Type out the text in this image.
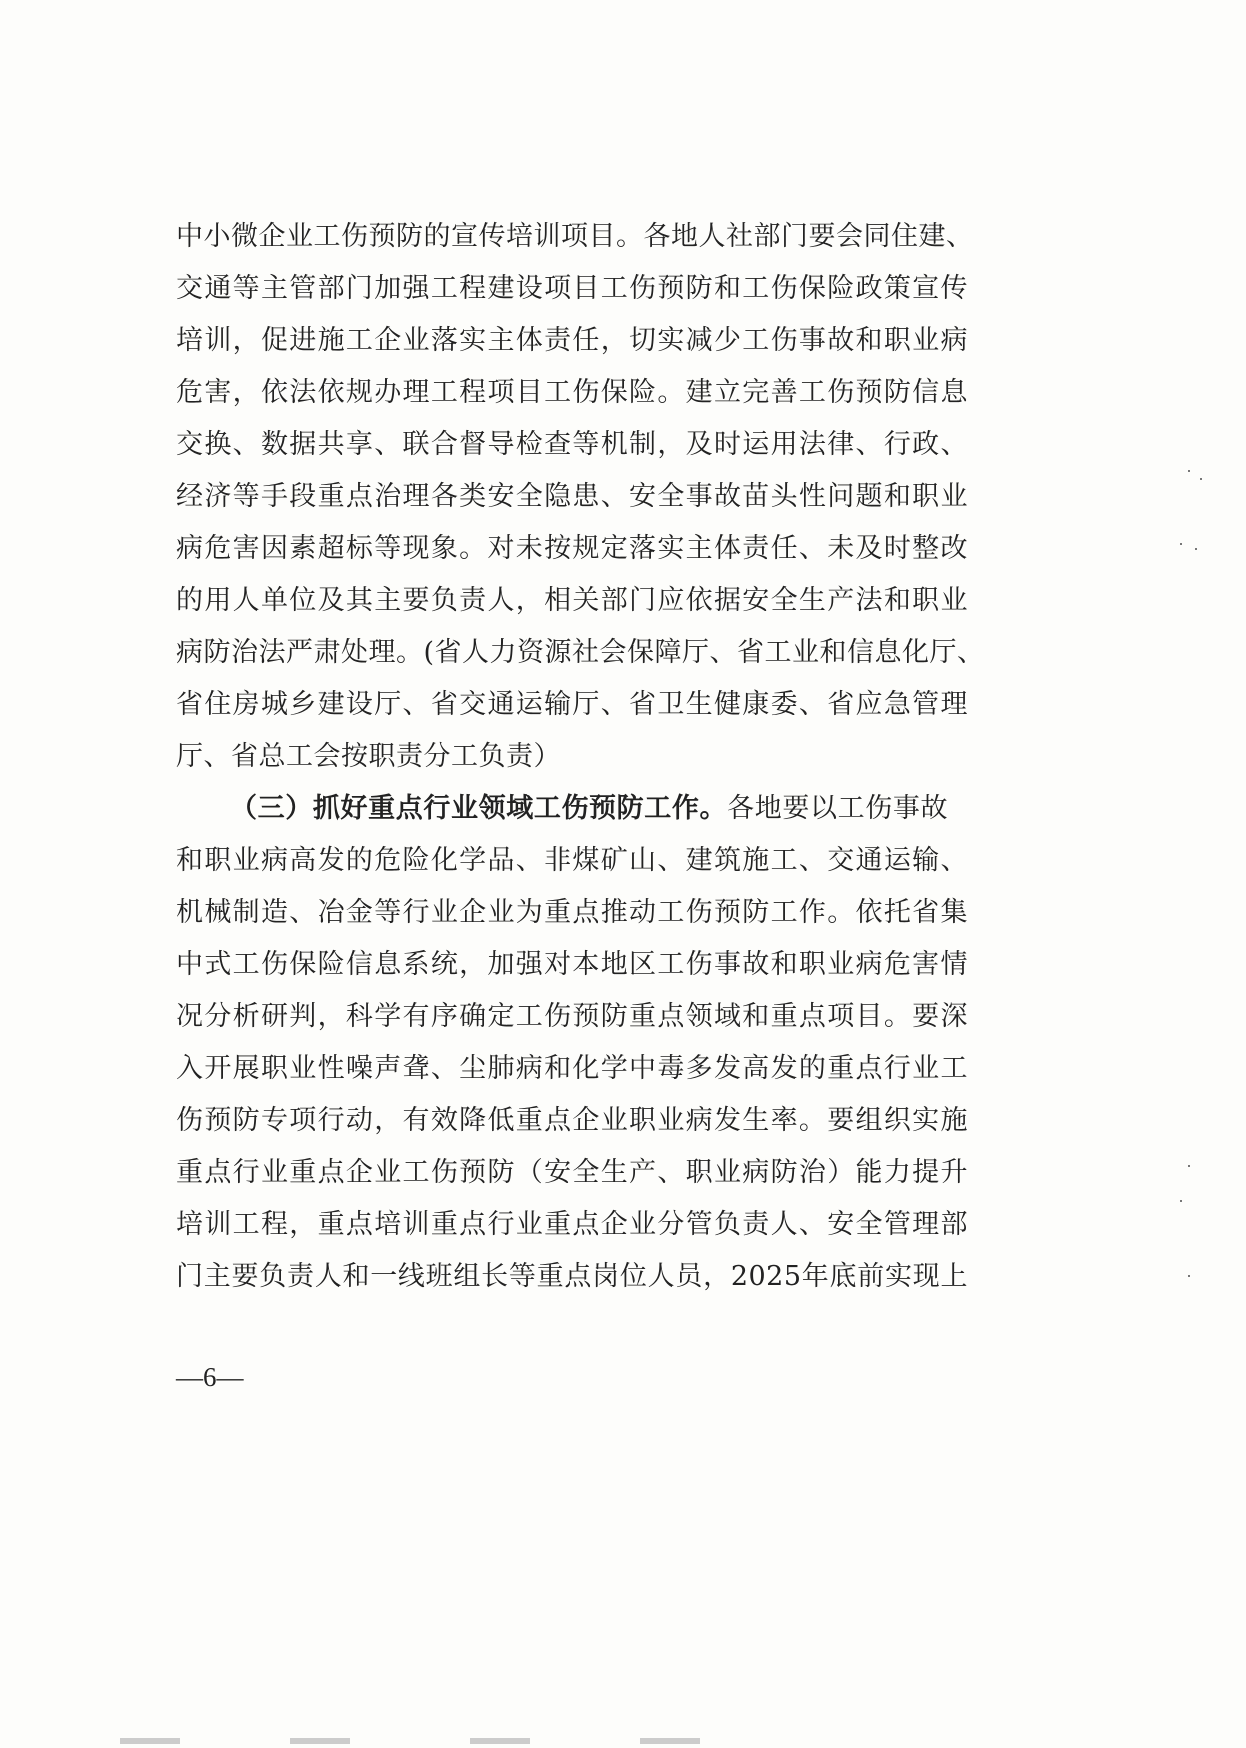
中小微企业工伤预防的宣传培训项目。各地人社部门要会同住建、
交通等主管部门加强工程建设项目工伤预防和工伤保险政策宣传
培训，促进施工企业落实主体责任，切实减少工伤事故和职业病
危害，依法依规办理工程项目工伤保险。建立完善工伤预防信息
交换、数据共享、联合督导检查等机制，及时运用法律、行政、
经济等手段重点治理各类安全隐患、安全事故苗头性问题和职业
病危害因素超标等现象。对未按规定落实主体责任、未及时整改
的用人单位及其主要负责人，相关部门应依据安全生产法和职业
病防治法严肃处理。(省人力资源社会保障厅、省工业和信息化厅、
省住房城乡建设厅、省交通运输厅、省卫生健康委、省应急管理
厅、省总工会按职责分工负责）
（三）抓好重点行业领域工伤预防工作。各地要以工伤事故
和职业病高发的危险化学品、非煤矿山、建筑施工、交通运输、
机械制造、冶金等行业企业为重点推动工伤预防工作。依托省集
中式工伤保险信息系统，加强对本地区工伤事故和职业病危害情
况分析研判，科学有序确定工伤预防重点领域和重点项目。要深
入开展职业性噪声聋、尘肺病和化学中毒多发高发的重点行业工
伤预防专项行动，有效降低重点企业职业病发生率。要组织实施
重点行业重点企业工伤预防（安全生产、职业病防治）能力提升
培训工程，重点培训重点行业重点企业分管负责人、安全管理部
门主要负责人和一线班组长等重点岗位人员，2025年底前实现上
—6—
